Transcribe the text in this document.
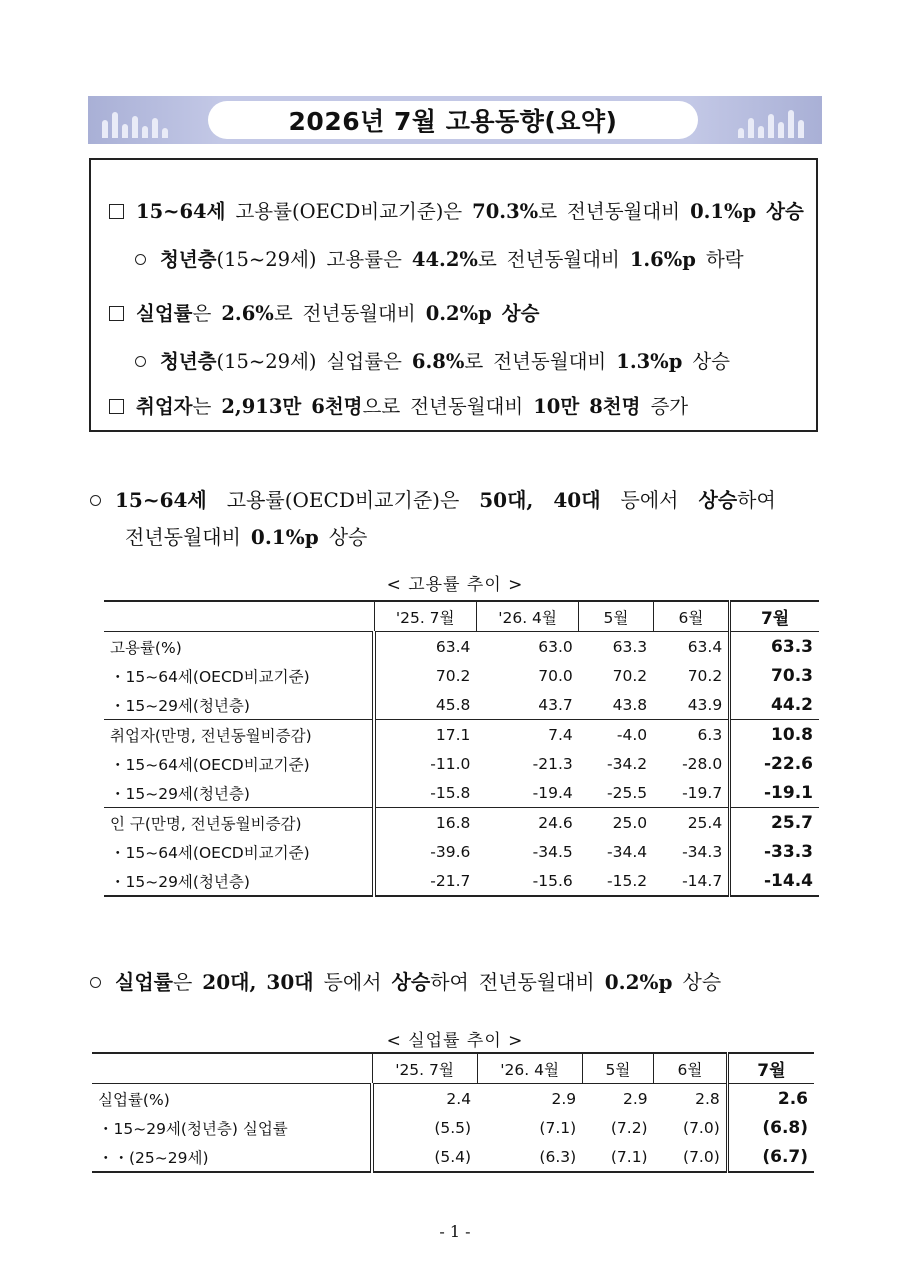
2026년 7월 고용동향(요약)
15~64세 고용률(OECD비교기준)은 70.3%로 전년동월대비 0.1%p 상승
청년층(15~29세) 고용률은 44.2%로 전년동월대비 1.6%p 하락
실업률은 2.6%로 전년동월대비 0.2%p 상승
청년층(15~29세) 실업률은 6.8%로 전년동월대비 1.3%p 상승
취업자는 2,913만 6천명으로 전년동월대비 10만 8천명 증가
15~64세 고용률(OECD비교기준)은 50대, 40대 등에서 상승하여
전년동월대비 0.1%p 상승
< 고용률 추이 >
	'25. 7월	'26. 4월	5월	6월	7월
고용률(%)	63.4	63.0	63.3	63.4	63.3
・15~64세(OECD비교기준)	70.2	70.0	70.2	70.2	70.3
・15~29세(청년층)	45.8	43.7	43.8	43.9	44.2
취업자(만명, 전년동월비증감)	17.1	7.4	-4.0	6.3	10.8
・15~64세(OECD비교기준)	-11.0	-21.3	-34.2	-28.0	-22.6
・15~29세(청년층)	-15.8	-19.4	-25.5	-19.7	-19.1
인 구(만명, 전년동월비증감)	16.8	24.6	25.0	25.4	25.7
・15~64세(OECD비교기준)	-39.6	-34.5	-34.4	-34.3	-33.3
・15~29세(청년층)	-21.7	-15.6	-15.2	-14.7	-14.4
실업률은 20대, 30대 등에서 상승하여 전년동월대비 0.2%p 상승
< 실업률 추이 >
	'25. 7월	'26. 4월	5월	6월	7월
실업률(%)	2.4	2.9	2.9	2.8	2.6
・15~29세(청년층) 실업률	(5.5)	(7.1)	(7.2)	(7.0)	(6.8)
・・(25~29세)	(5.4)	(6.3)	(7.1)	(7.0)	(6.7)
- 1 -
